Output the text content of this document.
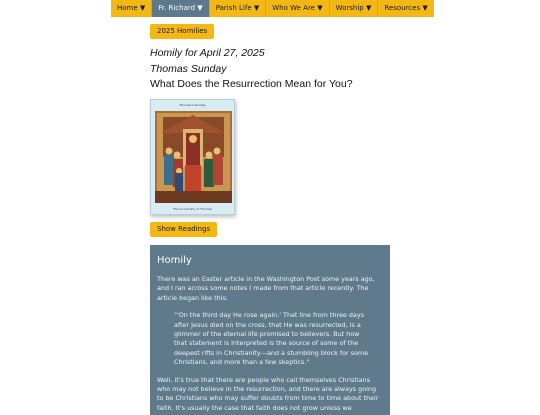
Home ▼	Fr. Richard ▼	Parish Life ▼	Who We Are ▼	Worship ▼	Resources ▼
2025 Homilies
Homily for April 27, 2025
Thomas Sunday
What Does the Resurrection Mean for You?
Thomas's Sunday
The Incredulity of Thomas
Show Readings
Homily

There was an Easter article in the Washington Post some years ago, and I ran across some notes I made from that article recently. The article began like this:

"'On the third day He rose again.' That line from three days after Jesus died on the cross, that He was resurrected, is a glimmer of the eternal life promised to believers. But how that statement is interpreted is the source of some of the deepest rifts in Christianity—and a stumbling block for some Christians, and more than a few skeptics."

Well, it's true that there are people who call themselves Christians who may not believe in the resurrection, and there are always going to be Christians who may suffer doubts from time to time about their faith. It's usually the case that faith does not grow unless we
